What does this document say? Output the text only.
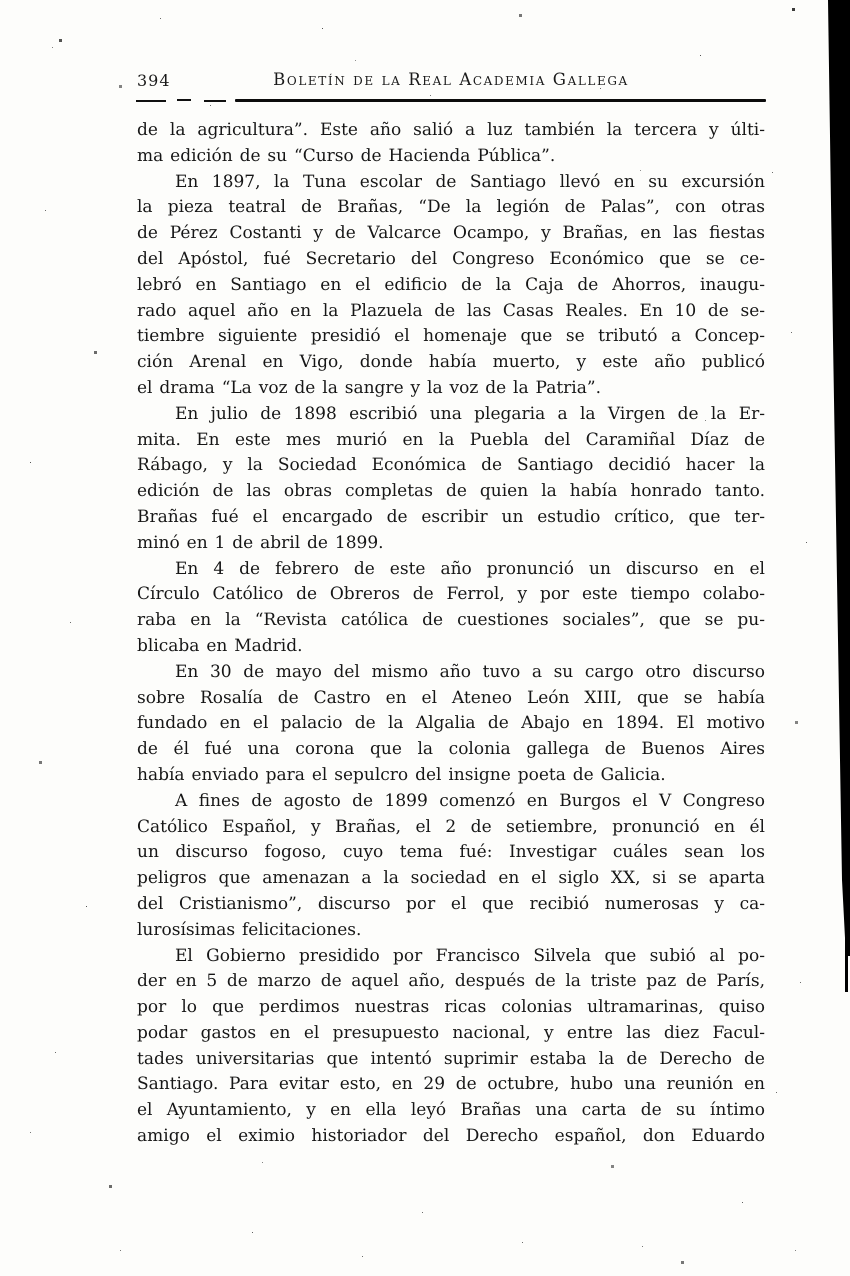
394	Boletín de la Real Academia Gallega
de la agricultura”. Este año salió a luz también la tercera y últi-
ma edición de su “Curso de Hacienda Pública”.
En 1897, la Tuna escolar de Santiago llevó en su excursión
la pieza teatral de Brañas, “De la legión de Palas”, con otras
de Pérez Costanti y de Valcarce Ocampo, y Brañas, en las fiestas
del Apóstol, fué Secretario del Congreso Económico que se ce-
lebró en Santiago en el edificio de la Caja de Ahorros, inaugu-
rado aquel año en la Plazuela de las Casas Reales. En 10 de se-
tiembre siguiente presidió el homenaje que se tributó a Concep-
ción Arenal en Vigo, donde había muerto, y este año publicó
el drama “La voz de la sangre y la voz de la Patria”.
En julio de 1898 escribió una plegaria a la Virgen de la Er-
mita. En este mes murió en la Puebla del Caramiñal Díaz de
Rábago, y la Sociedad Económica de Santiago decidió hacer la
edición de las obras completas de quien la había honrado tanto.
Brañas fué el encargado de escribir un estudio crítico, que ter-
minó en 1 de abril de 1899.
En 4 de febrero de este año pronunció un discurso en el
Círculo Católico de Obreros de Ferrol, y por este tiempo colabo-
raba en la “Revista católica de cuestiones sociales”, que se pu-
blicaba en Madrid.
En 30 de mayo del mismo año tuvo a su cargo otro discurso
sobre Rosalía de Castro en el Ateneo León XIII, que se había
fundado en el palacio de la Algalia de Abajo en 1894. El motivo
de él fué una corona que la colonia gallega de Buenos Aires
había enviado para el sepulcro del insigne poeta de Galicia.
A fines de agosto de 1899 comenzó en Burgos el V Congreso
Católico Español, y Brañas, el 2 de setiembre, pronunció en él
un discurso fogoso, cuyo tema fué: Investigar cuáles sean los
peligros que amenazan a la sociedad en el siglo XX, si se aparta
del Cristianismo”, discurso por el que recibió numerosas y ca-
lurosísimas felicitaciones.
El Gobierno presidido por Francisco Silvela que subió al po-
der en 5 de marzo de aquel año, después de la triste paz de París,
por lo que perdimos nuestras ricas colonias ultramarinas, quiso
podar gastos en el presupuesto nacional, y entre las diez Facul-
tades universitarias que intentó suprimir estaba la de Derecho de
Santiago. Para evitar esto, en 29 de octubre, hubo una reunión en
el Ayuntamiento, y en ella leyó Brañas una carta de su íntimo
amigo el eximio historiador del Derecho español, don Eduardo
